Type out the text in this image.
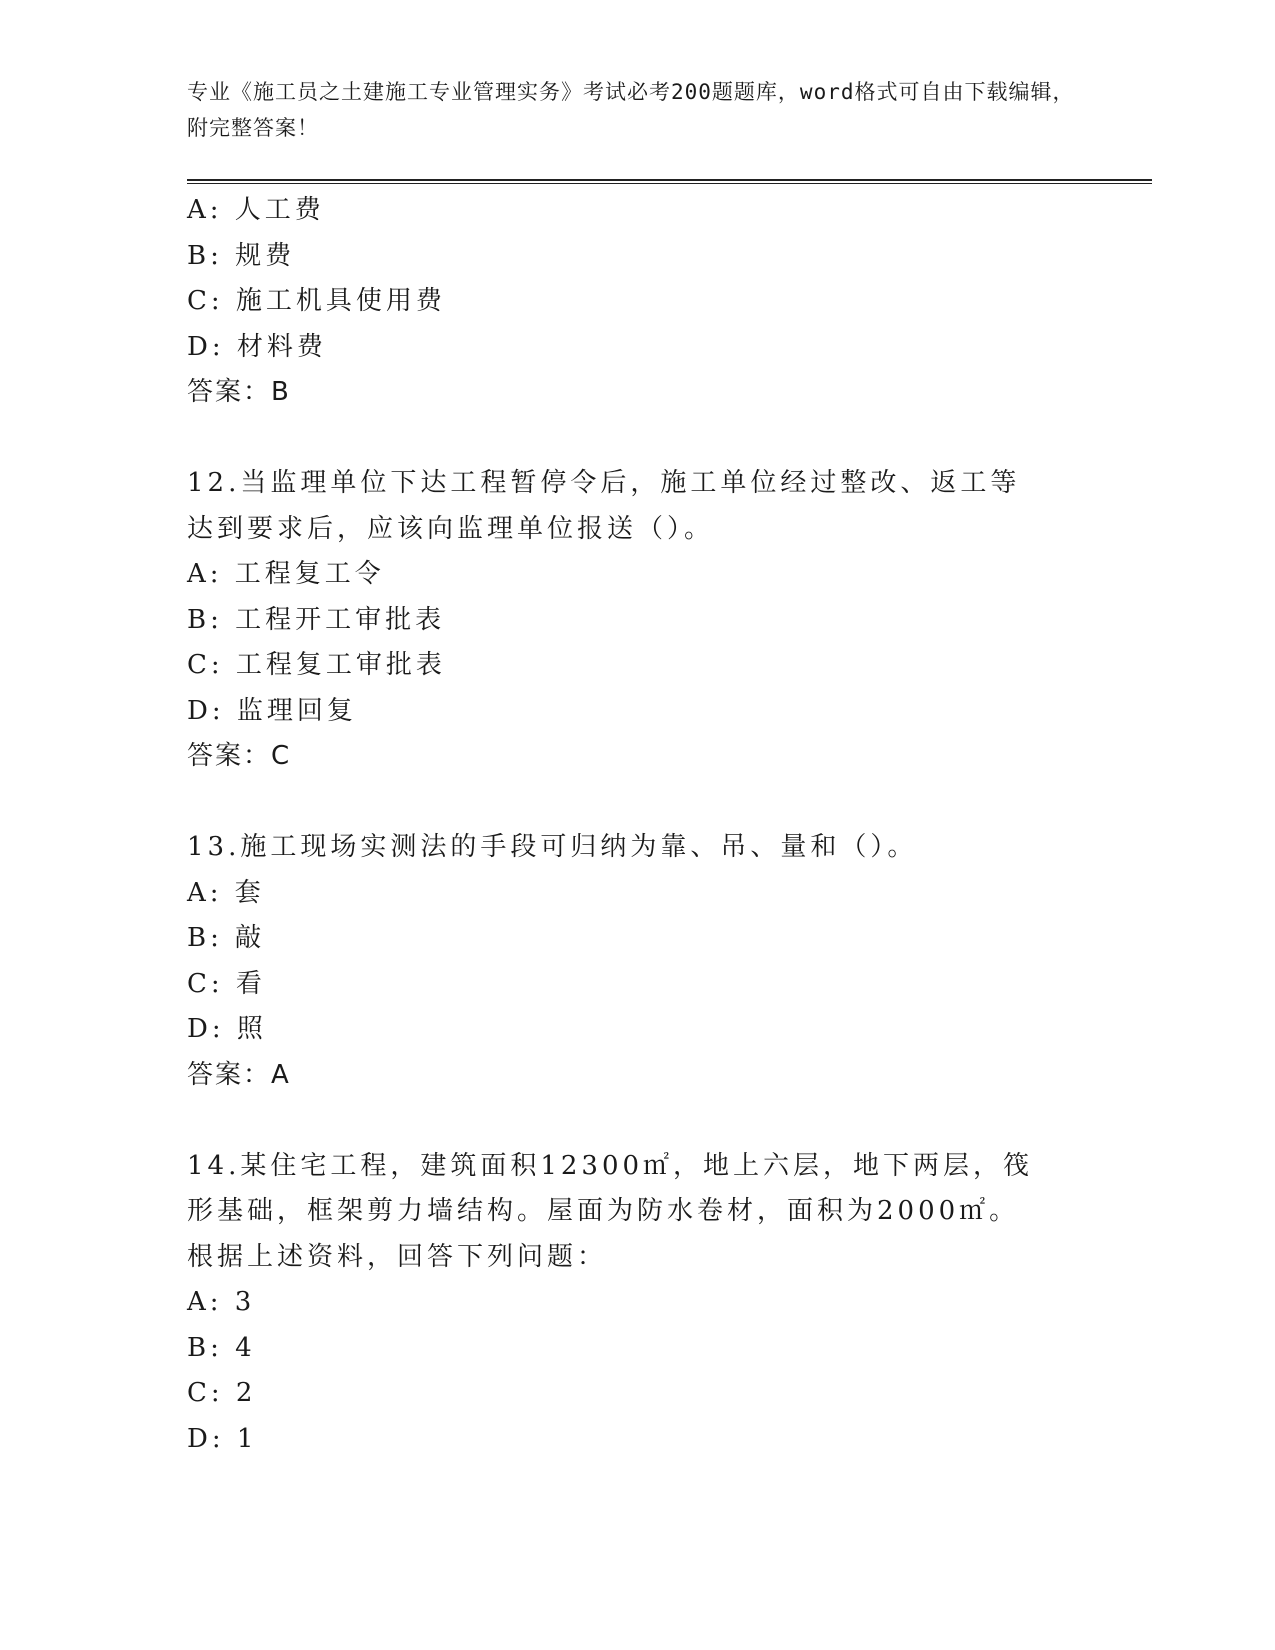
专业《施工员之土建施工专业管理实务》考试必考200题题库，word格式可自由下载编辑，附完整答案！

A: 人工费

B: 规费

C: 施工机具使用费

D: 材料费

答案：B

12.当监理单位下达工程暂停令后，施工单位经过整改、返工等达到要求后，应该向监理单位报送（）。

A: 工程复工令

B: 工程开工审批表

C: 工程复工审批表

D: 监理回复

答案：C

13.施工现场实测法的手段可归纳为靠、吊、量和（）。

A: 套

B: 敲

C: 看

D: 照

答案：A

14.某住宅工程，建筑面积12300㎡，地上六层，地下两层，筏形基础，框架剪力墙结构。屋面为防水卷材，面积为2000㎡。根据上述资料，回答下列问题：

A: 3

B: 4

C: 2

D: 1
